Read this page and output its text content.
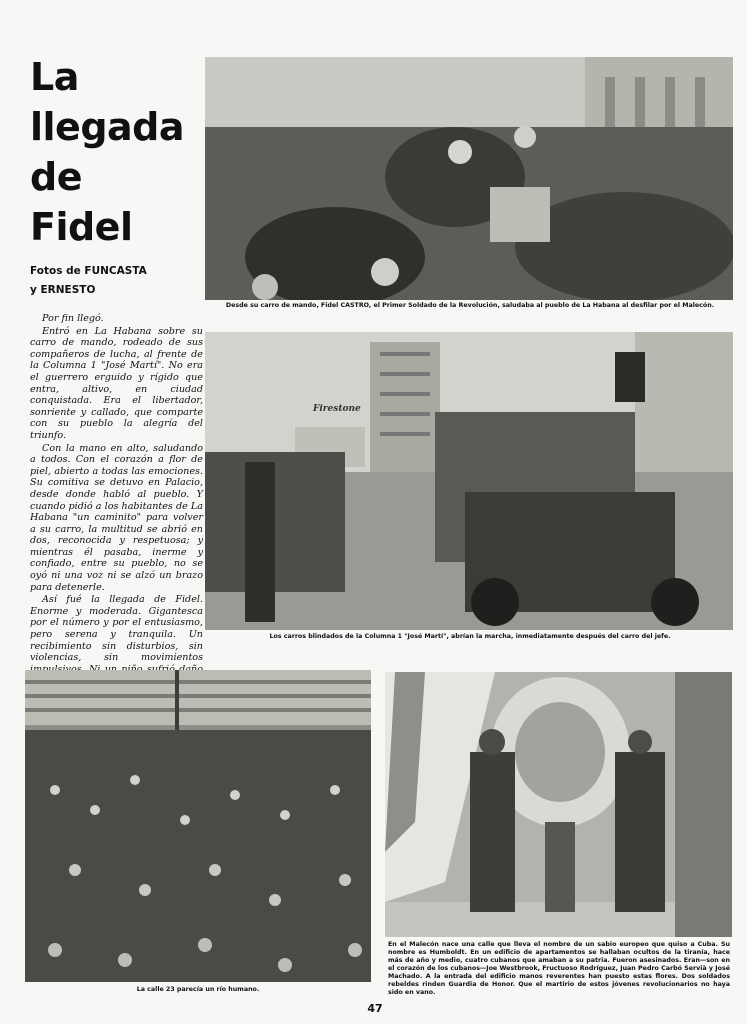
La
llegada
de
Fidel
Fotos de FUNCASTA
y ERNESTO

Por fin llegó.

Entró en La Habana sobre su carro de mando, rodeado de sus compañeros de lucha, al frente de la Columna 1 "José Martí". No era el guerrero erguido y rígido que entra, altivo, en ciudad conquistada. Era el libertador, sonriente y callado, que comparte con su pueblo la alegría del triunfo.

Con la mano en alto, saludando a todos. Con el corazón a flor de piel, abierto a todas las emociones. Su comitiva se detuvo en Palacio, desde donde habló al pueblo. Y cuando pidió a los habitantes de La Habana "un caminito" para volver a su carro, la multitud se abrió en dos, reconocida y respetuosa; y mientras él pasaba, inerme y confiado, entre su pueblo, no se oyó ni una voz ni se alzó un brazo para detenerle.

Así fué la llegada de Fidel. Enorme y moderada. Gigantesca por el número y por el entusiasmo, pero serena y tranquila. Un recibimiento sin disturbios, sin violencias, sin movimientos

Desde su carro de mando, Fidel CASTRO, el Primer Soldado de la Revolución, saludaba al pueblo de La Habana al desfilar por el Malecón.
Firestone
Los carros blindados de la Columna 1 "José Martí", abrían la marcha, inmediatamente después del carro del jefe.
La calle 23 parecía un río humano.
En el Malecón nace una calle que lleva el nombre de un sabio europeo que quiso a Cuba. Su nombre es Humboldt. En un edificio de apartamentos se hallaban ocultos de la tiranía, hace más de año y medio, cuatro cubanos que amaban a su patria. Fueron asesinados. Eran—son en el corazón de los cubanos—Joe Westbrook, Fructuoso Rodríguez, Juan Pedro Carbó Servià y José Machado. A la entrada del edificio manos reverentes han puesto estas flores. Dos soldados rebeldes rinden Guardia de Honor. Que el martirio de estos jóvenes revolucionarios no haya sido en vano.
47
